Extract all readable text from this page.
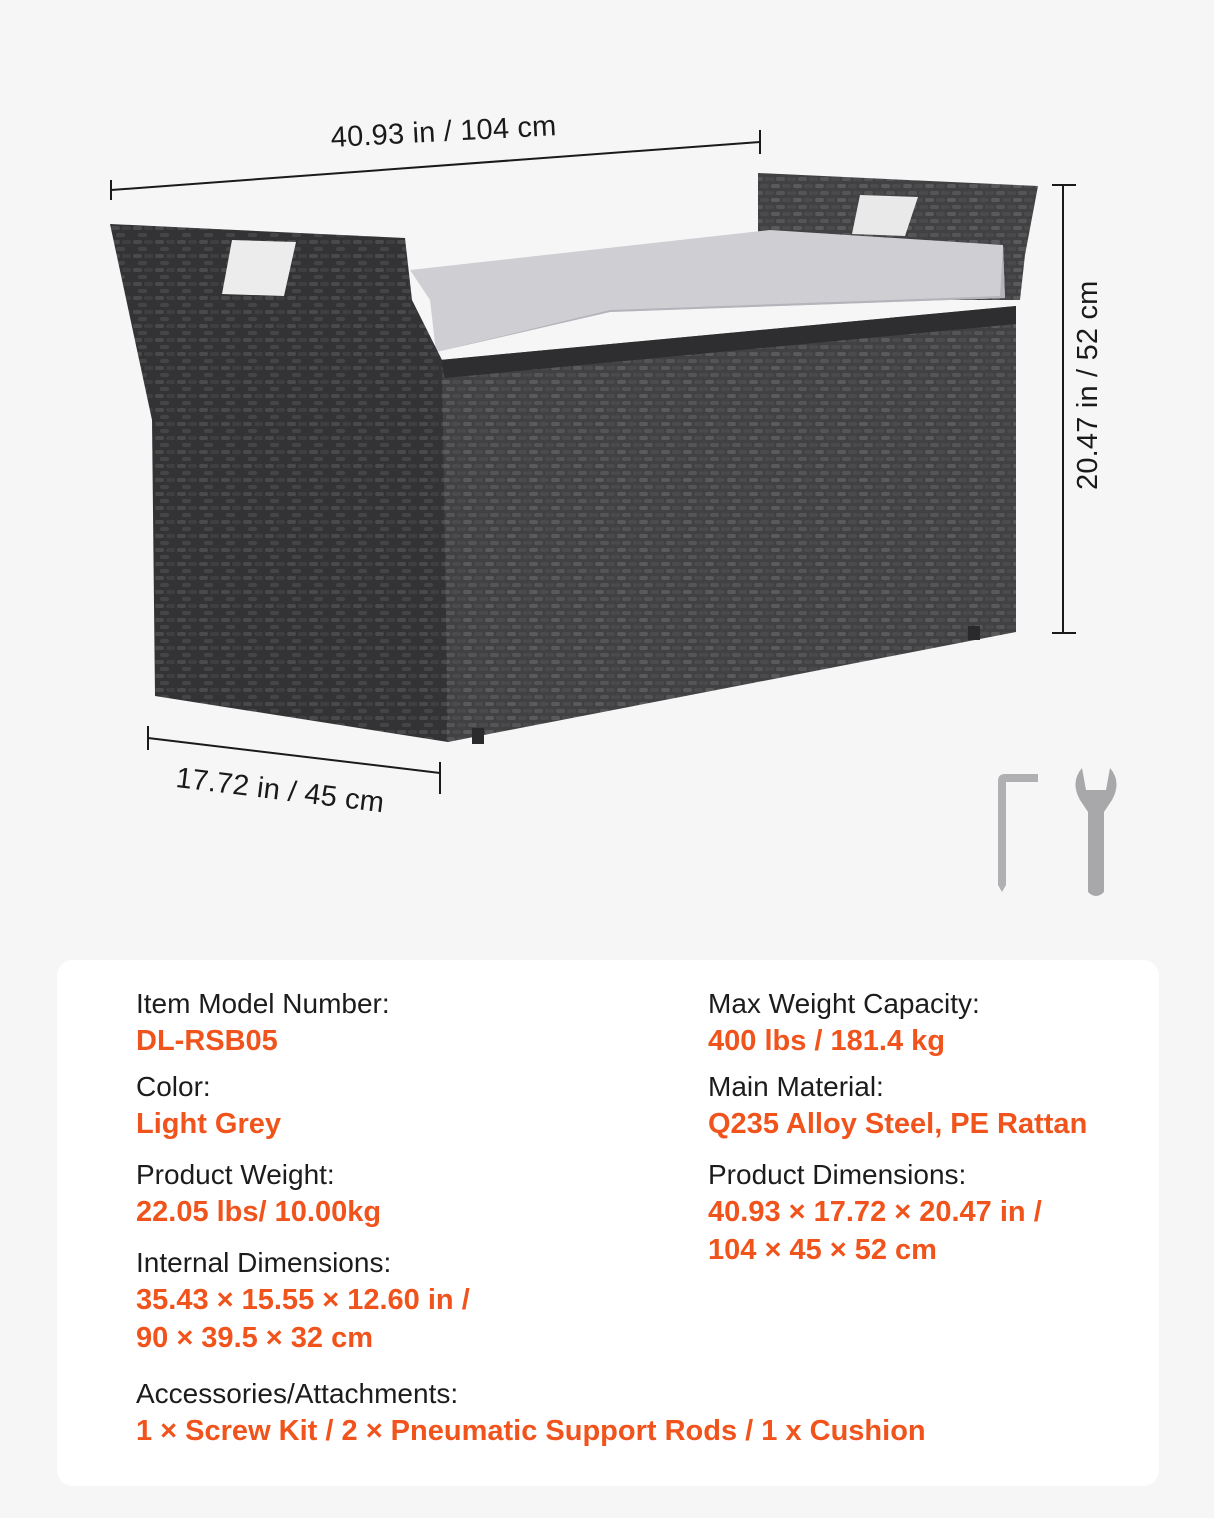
40.93 in / 104 cm
17.72 in / 45 cm
20.47 in / 52 cm
Item Model Number:
DL-RSB05
Color:
Light Grey
Product Weight:
22.05 lbs/ 10.00kg
Internal Dimensions:
35.43 × 15.55 × 12.60 in /
90 × 39.5 × 32 cm
Accessories/Attachments:
1 × Screw Kit / 2 × Pneumatic Support Rods / 1 x Cushion
Max Weight Capacity:
400 lbs / 181.4 kg
Main Material:
Q235 Alloy Steel, PE Rattan
Product Dimensions:
40.93 × 17.72 × 20.47 in /
104 × 45 × 52 cm
